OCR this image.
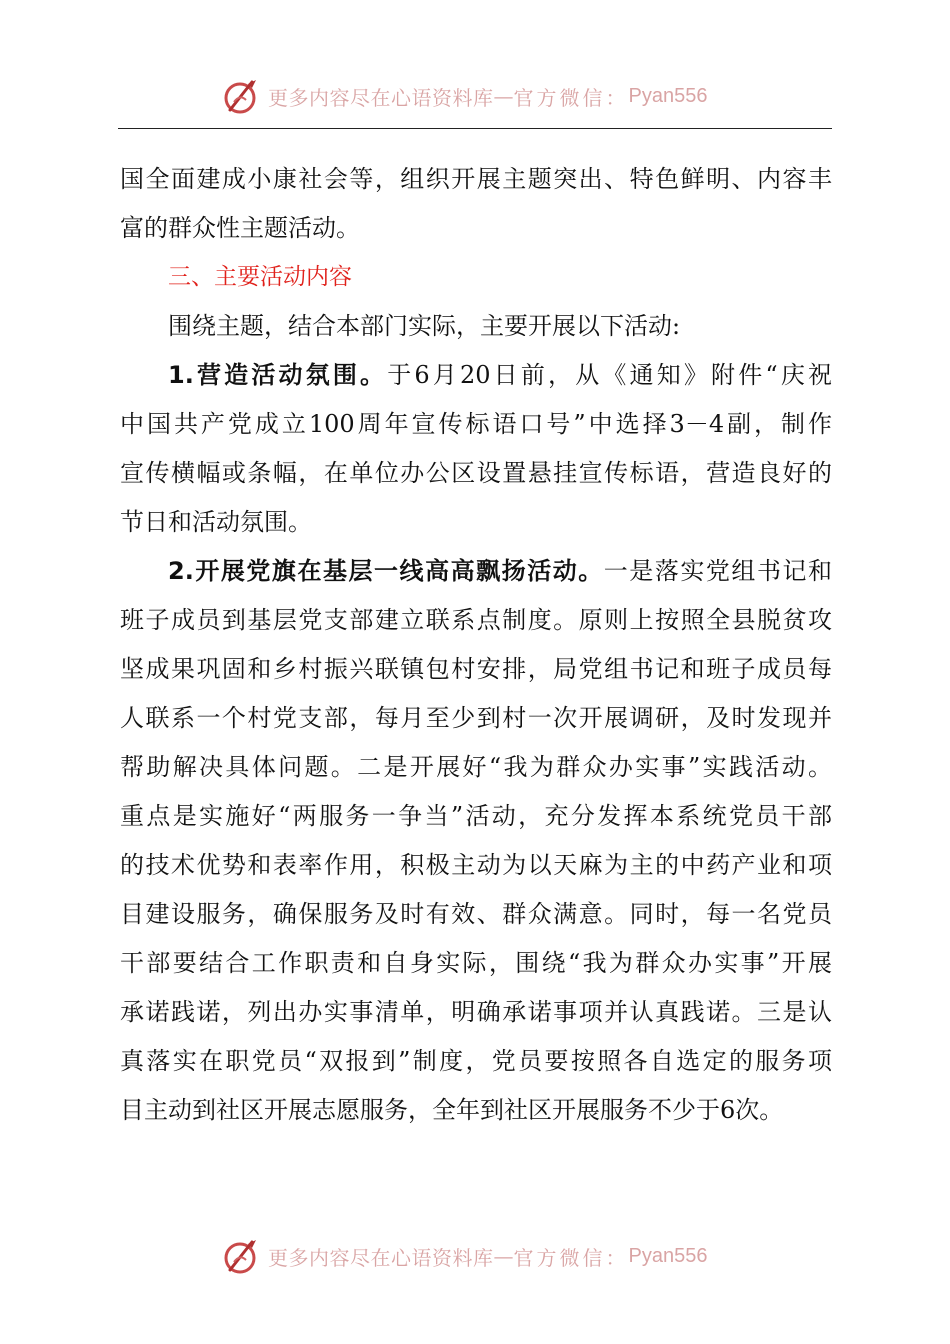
更多内容尽在心语资料库 — 官方微信： Pyan556
国全面建成小康社会等，组织开展主题突出、特色鲜明、内容丰
富的群众性主题活动。
三、主要活动内容
围绕主题，结合本部门实际，主要开展以下活动:
1.营造活动氛围。于6月20日前，从《通知》附件“庆祝
中国共产党成立100周年宣传标语口号”中选择3－4副，制作
宣传横幅或条幅，在单位办公区设置悬挂宣传标语，营造良好的
节日和活动氛围。
2.开展党旗在基层一线高高飘扬活动。一是落实党组书记和
班子成员到基层党支部建立联系点制度。原则上按照全县脱贫攻
坚成果巩固和乡村振兴联镇包村安排，局党组书记和班子成员每
人联系一个村党支部，每月至少到村一次开展调研，及时发现并
帮助解决具体问题。二是开展好“我为群众办实事”实践活动。
重点是实施好“两服务一争当”活动，充分发挥本系统党员干部
的技术优势和表率作用，积极主动为以天麻为主的中药产业和项
目建设服务，确保服务及时有效、群众满意。同时，每一名党员
干部要结合工作职责和自身实际，围绕“我为群众办实事”开展
承诺践诺，列出办实事清单，明确承诺事项并认真践诺。三是认
真落实在职党员“双报到”制度，党员要按照各自选定的服务项
目主动到社区开展志愿服务，全年到社区开展服务不少于6次。
更多内容尽在心语资料库 — 官方微信： Pyan556
